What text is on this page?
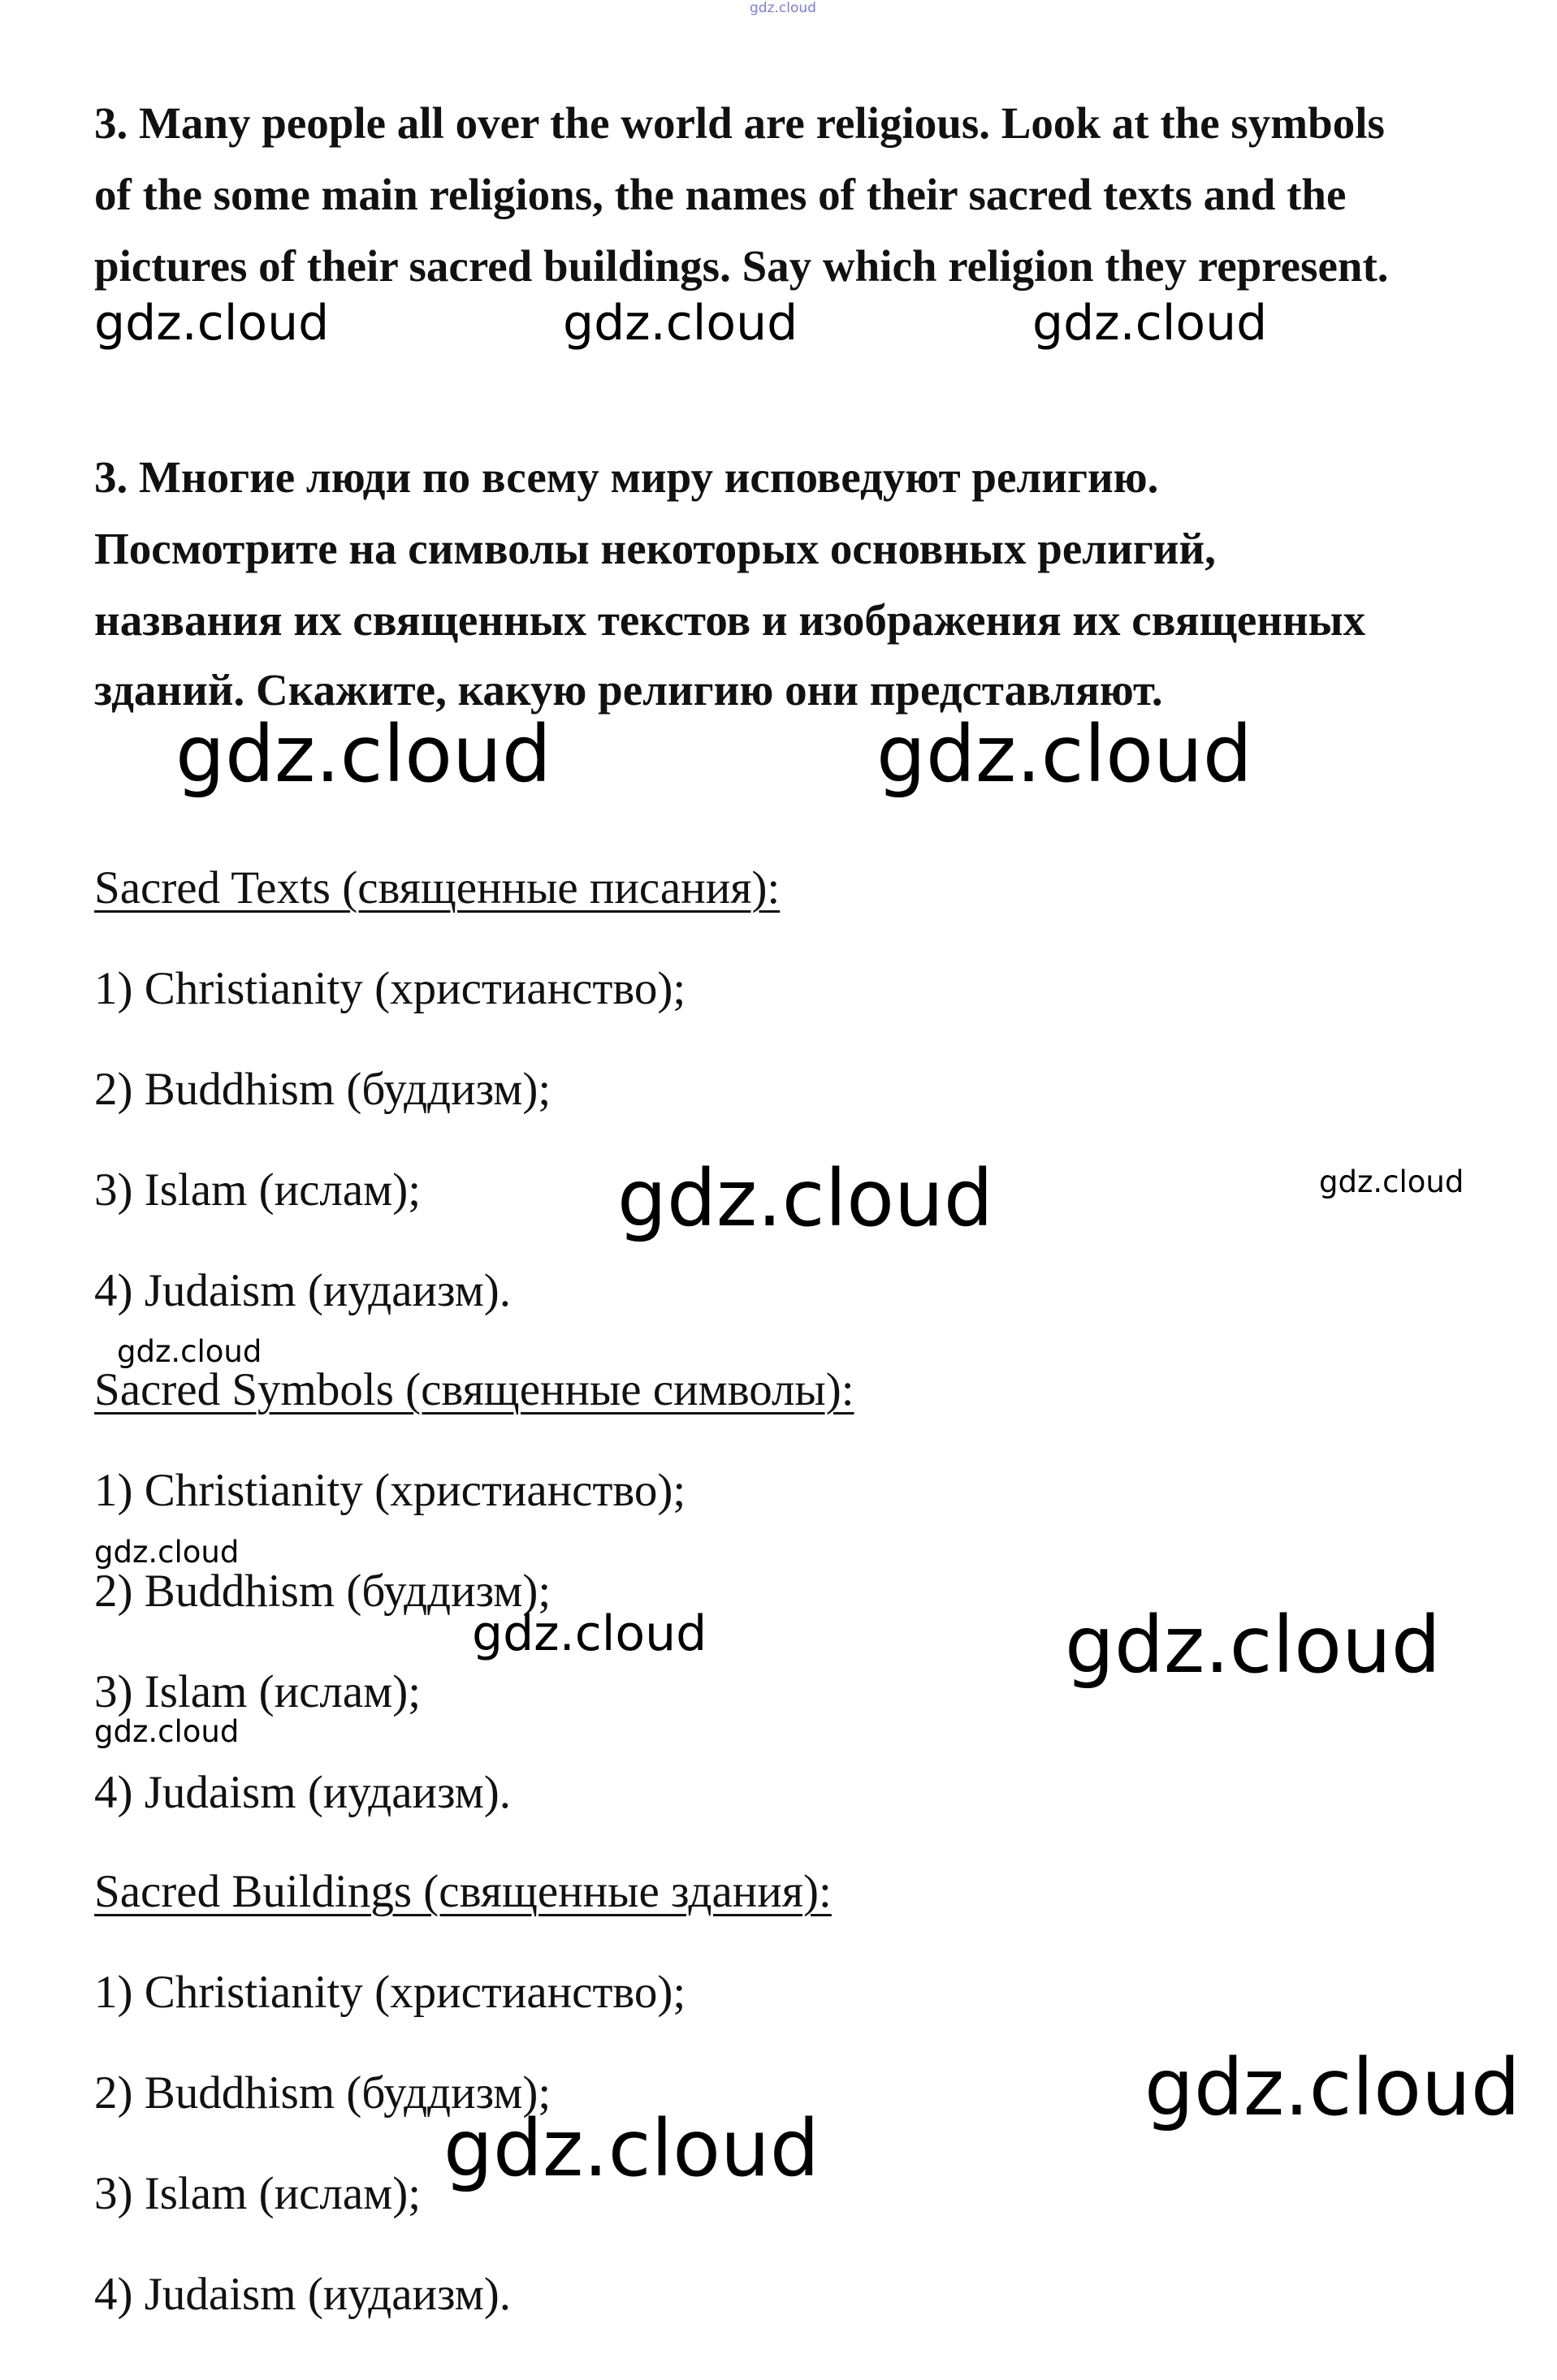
gdz.cloud
3. Many people all over the world are religious. Look at the symbols
of the some main religions, the names of their sacred texts and the
pictures of their sacred buildings. Say which religion they represent.
gdz.cloud	gdz.cloud	gdz.cloud
3. Многие люди по всему миру исповедуют религию.
Посмотрите на символы некоторых основных религий,
названия их священных текстов и изображения их священных
зданий. Скажите, какую религию они представляют.
gdz.cloud	gdz.cloud
Sacred Texts (священные писания):
1) Christianity (христианство);
2) Buddhism (буддизм);
3) Islam (ислам);
4) Judaism (иудаизм).
gdz.cloud	gdz.cloud
gdz.cloud
Sacred Symbols (священные символы):
1) Christianity (христианство);
gdz.cloud
2) Buddhism (буддизм);
gdz.cloud	gdz.cloud
3) Islam (ислам);
gdz.cloud
4) Judaism (иудаизм).
Sacred Buildings (священные здания):
1) Christianity (христианство);
2) Buddhism (буддизм);	gdz.cloud
3) Islam (ислам); gdz.cloud
4) Judaism (иудаизм).
